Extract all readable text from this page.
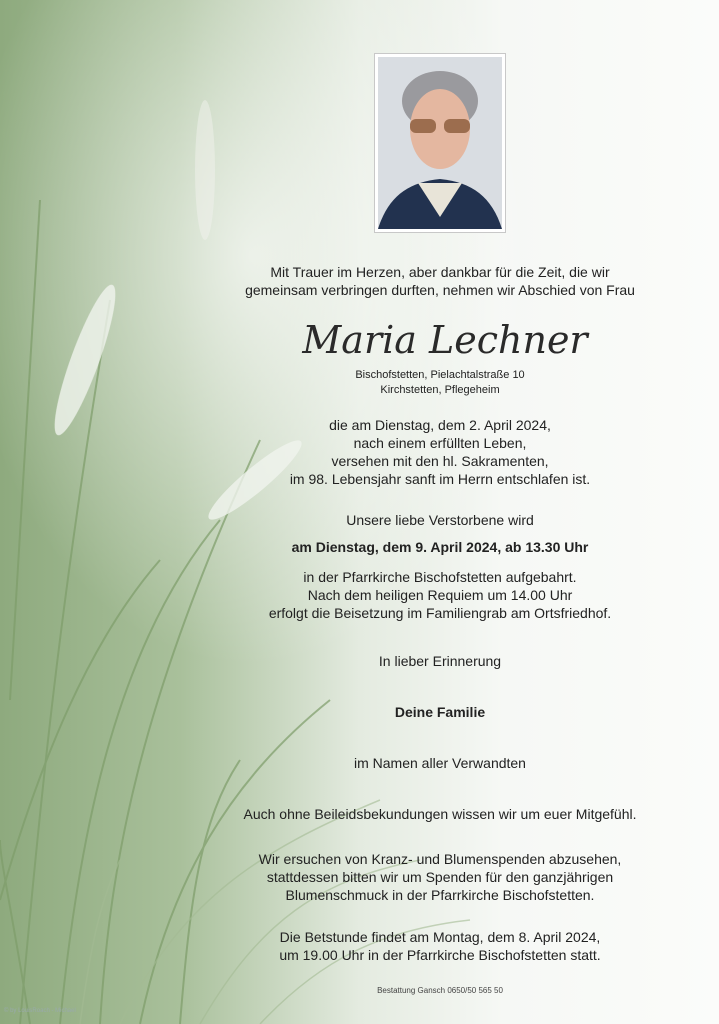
Mit Trauer im Herzen, aber dankbar für die Zeit, die wir
gemeinsam verbringen durften, nehmen wir Abschied von Frau
Maria Lechner
Bischofstetten, Pielachtalstraße 10
Kirchstetten, Pflegeheim
die am Dienstag, dem 2. April 2024,
nach einem erfüllten Leben,
versehen mit den hl. Sakramenten,
im 98. Lebensjahr sanft im Herrn entschlafen ist.
Unsere liebe Verstorbene wird
am Dienstag, dem 9. April 2024, ab 13.30 Uhr
in der Pfarrkirche Bischofstetten aufgebahrt.
Nach dem heiligen Requiem um 14.00 Uhr
erfolgt die Beisetzung im Familiengrab am Ortsfriedhof.
In lieber Erinnerung
Deine Familie
im Namen aller Verwandten
Auch ohne Beileidsbekundungen wissen wir um euer Mitgefühl.
Wir ersuchen von Kranz- und Blumenspenden abzusehen,
stattdessen bitten wir um Spenden für den ganzjährigen
Blumenschmuck in der Pfarrkirche Bischofstetten.
Die Betstunde findet am Montag, dem 8. April 2024,
um 19.00 Uhr in der Pfarrkirche Bischofstetten statt.
Bestattung Gansch 0650/50 565 50
© by LouisRoach - Michael
